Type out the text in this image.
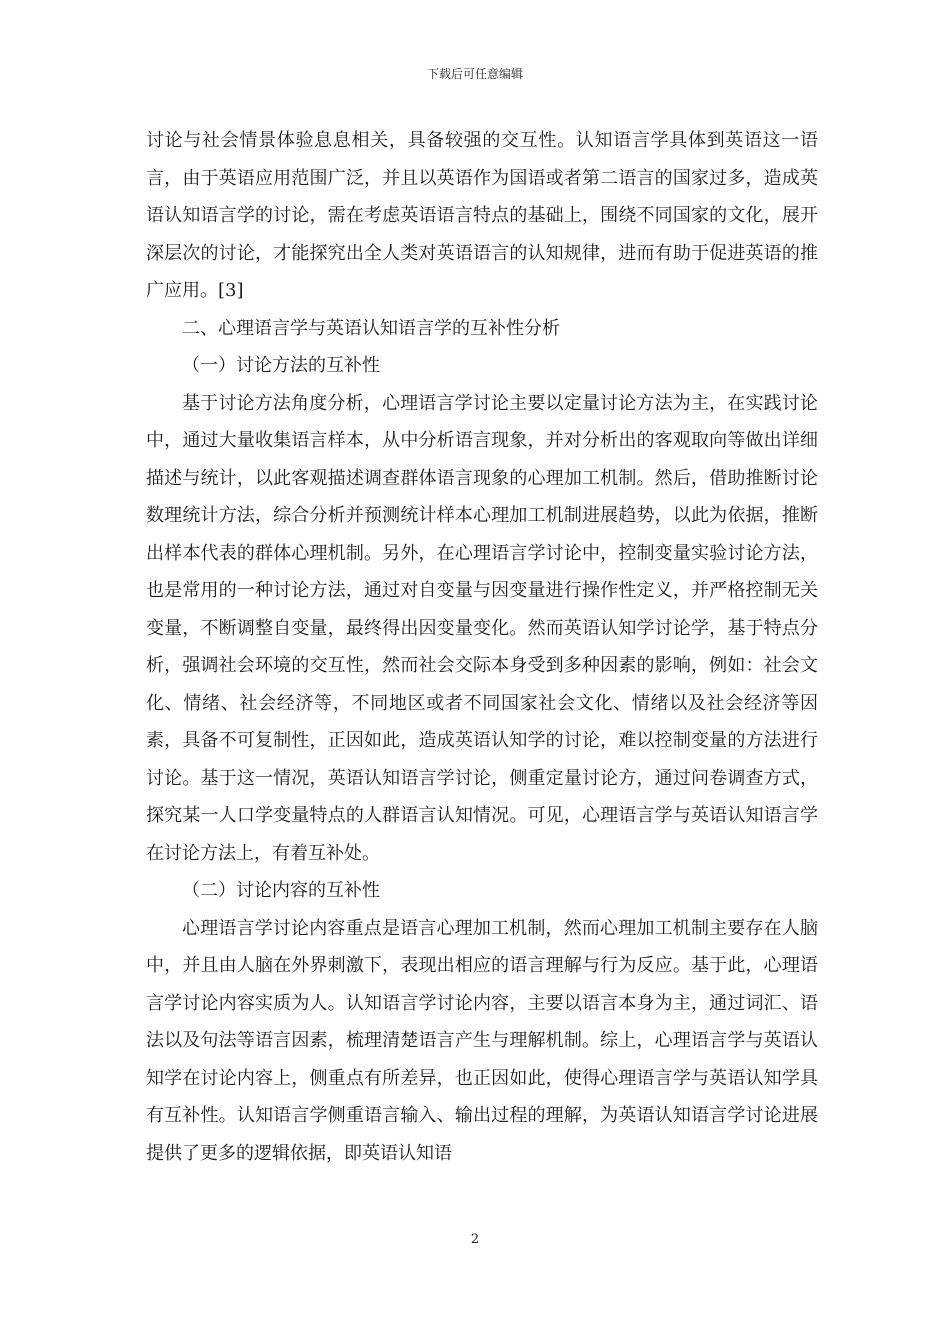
下载后可任意编辑

讨论与社会情景体验息息相关，具备较强的交互性。认知语言学具体到英语这一语言，由于英语应用范围广泛，并且以英语作为国语或者第二语言的国家过多，造成英语认知语言学的讨论，需在考虑英语语言特点的基础上，围绕不同国家的文化，展开深层次的讨论，才能探究出全人类对英语语言的认知规律，进而有助于促进英语的推广应用。[3]

二、心理语言学与英语认知语言学的互补性分析

（一）讨论方法的互补性

基于讨论方法角度分析，心理语言学讨论主要以定量讨论方法为主，在实践讨论中，通过大量收集语言样本，从中分析语言现象，并对分析出的客观取向等做出详细描述与统计，以此客观描述调查群体语言现象的心理加工机制。然后，借助推断讨论数理统计方法，综合分析并预测统计样本心理加工机制进展趋势，以此为依据，推断出样本代表的群体心理机制。另外，在心理语言学讨论中，控制变量实验讨论方法，也是常用的一种讨论方法，通过对自变量与因变量进行操作性定义，并严格控制无关变量，不断调整自变量，最终得出因变量变化。然而英语认知学讨论学，基于特点分析，强调社会环境的交互性，然而社会交际本身受到多种因素的影响，例如：社会文化、情绪、社会经济等，不同地区或者不同国家社会文化、情绪以及社会经济等因素，具备不可复制性，正因如此，造成英语认知学的讨论，难以控制变量的方法进行讨论。基于这一情况，英语认知语言学讨论，侧重定量讨论方，通过问卷调查方式，探究某一人口学变量特点的人群语言认知情况。可见，心理语言学与英语认知语言学在讨论方法上，有着互补处。

（二）讨论内容的互补性

心理语言学讨论内容重点是语言心理加工机制，然而心理加工机制主要存在人脑中，并且由人脑在外界刺激下，表现出相应的语言理解与行为反应。基于此，心理语言学讨论内容实质为人。认知语言学讨论内容，主要以语言本身为主，通过词汇、语法以及句法等语言因素，梳理清楚语言产生与理解机制。综上，心理语言学与英语认知学在讨论内容上，侧重点有所差异，也正因如此，使得心理语言学与英语认知学具有互补性。认知语言学侧重语言输入、输出过程的理解，为英语认知语言学讨论进展提供了更多的逻辑依据，即英语认知语

2
